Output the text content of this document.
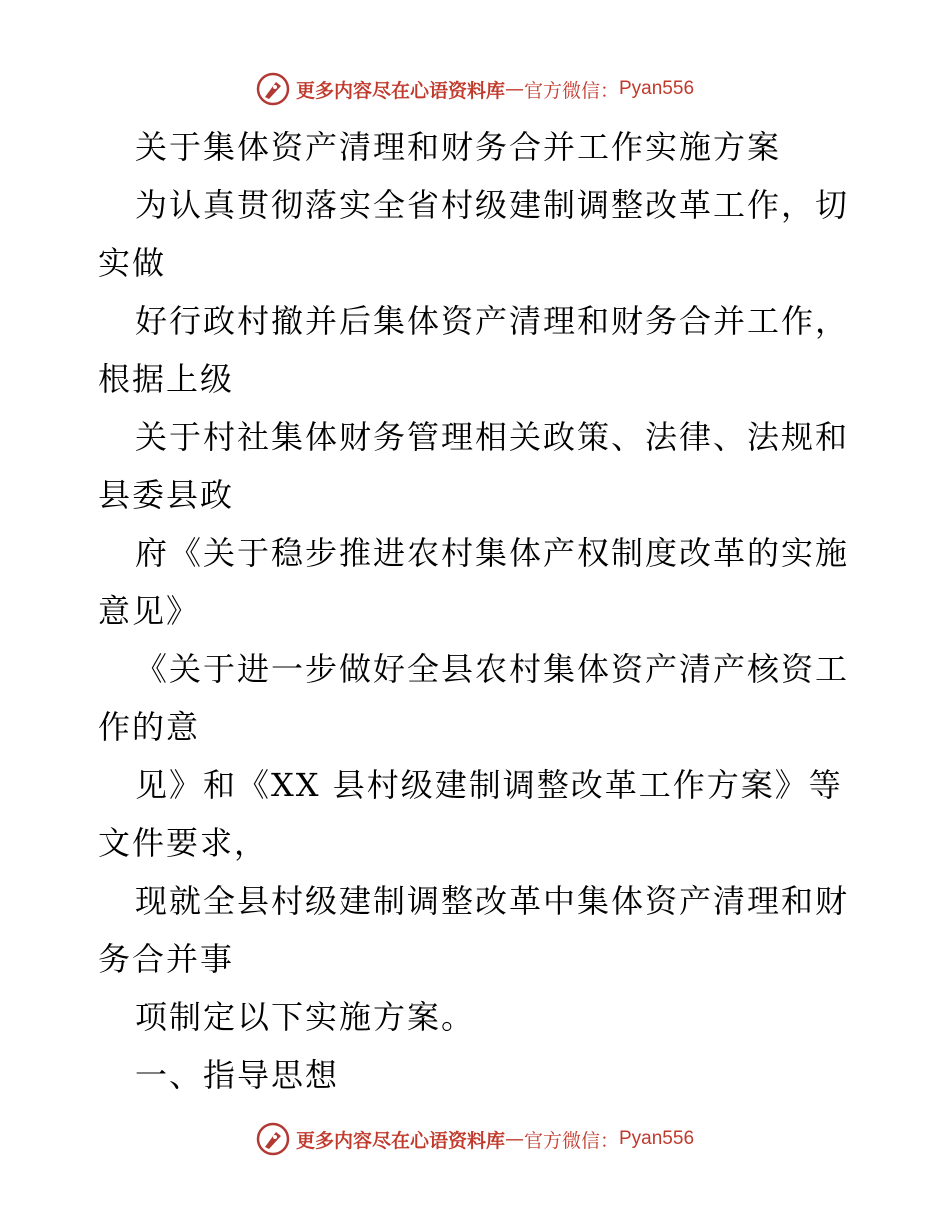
更多内容尽在心语资料库 — 官方微信： Pyan556
关于集体资产清理和财务合并工作实施方案
为认真贯彻落实全省村级建制调整改革工作，切
实做
好行政村撤并后集体资产清理和财务合并工作，
根据上级
关于村社集体财务管理相关政策、法律、法规和
县委县政
府《关于稳步推进农村集体产权制度改革的实施
意见》
《关于进一步做好全县农村集体资产清产核资工
作的意
见》和《XX 县村级建制调整改革工作方案》等
文件要求，
现就全县村级建制调整改革中集体资产清理和财
务合并事
项制定以下实施方案。
一、指导思想
更多内容尽在心语资料库 — 官方微信： Pyan556
